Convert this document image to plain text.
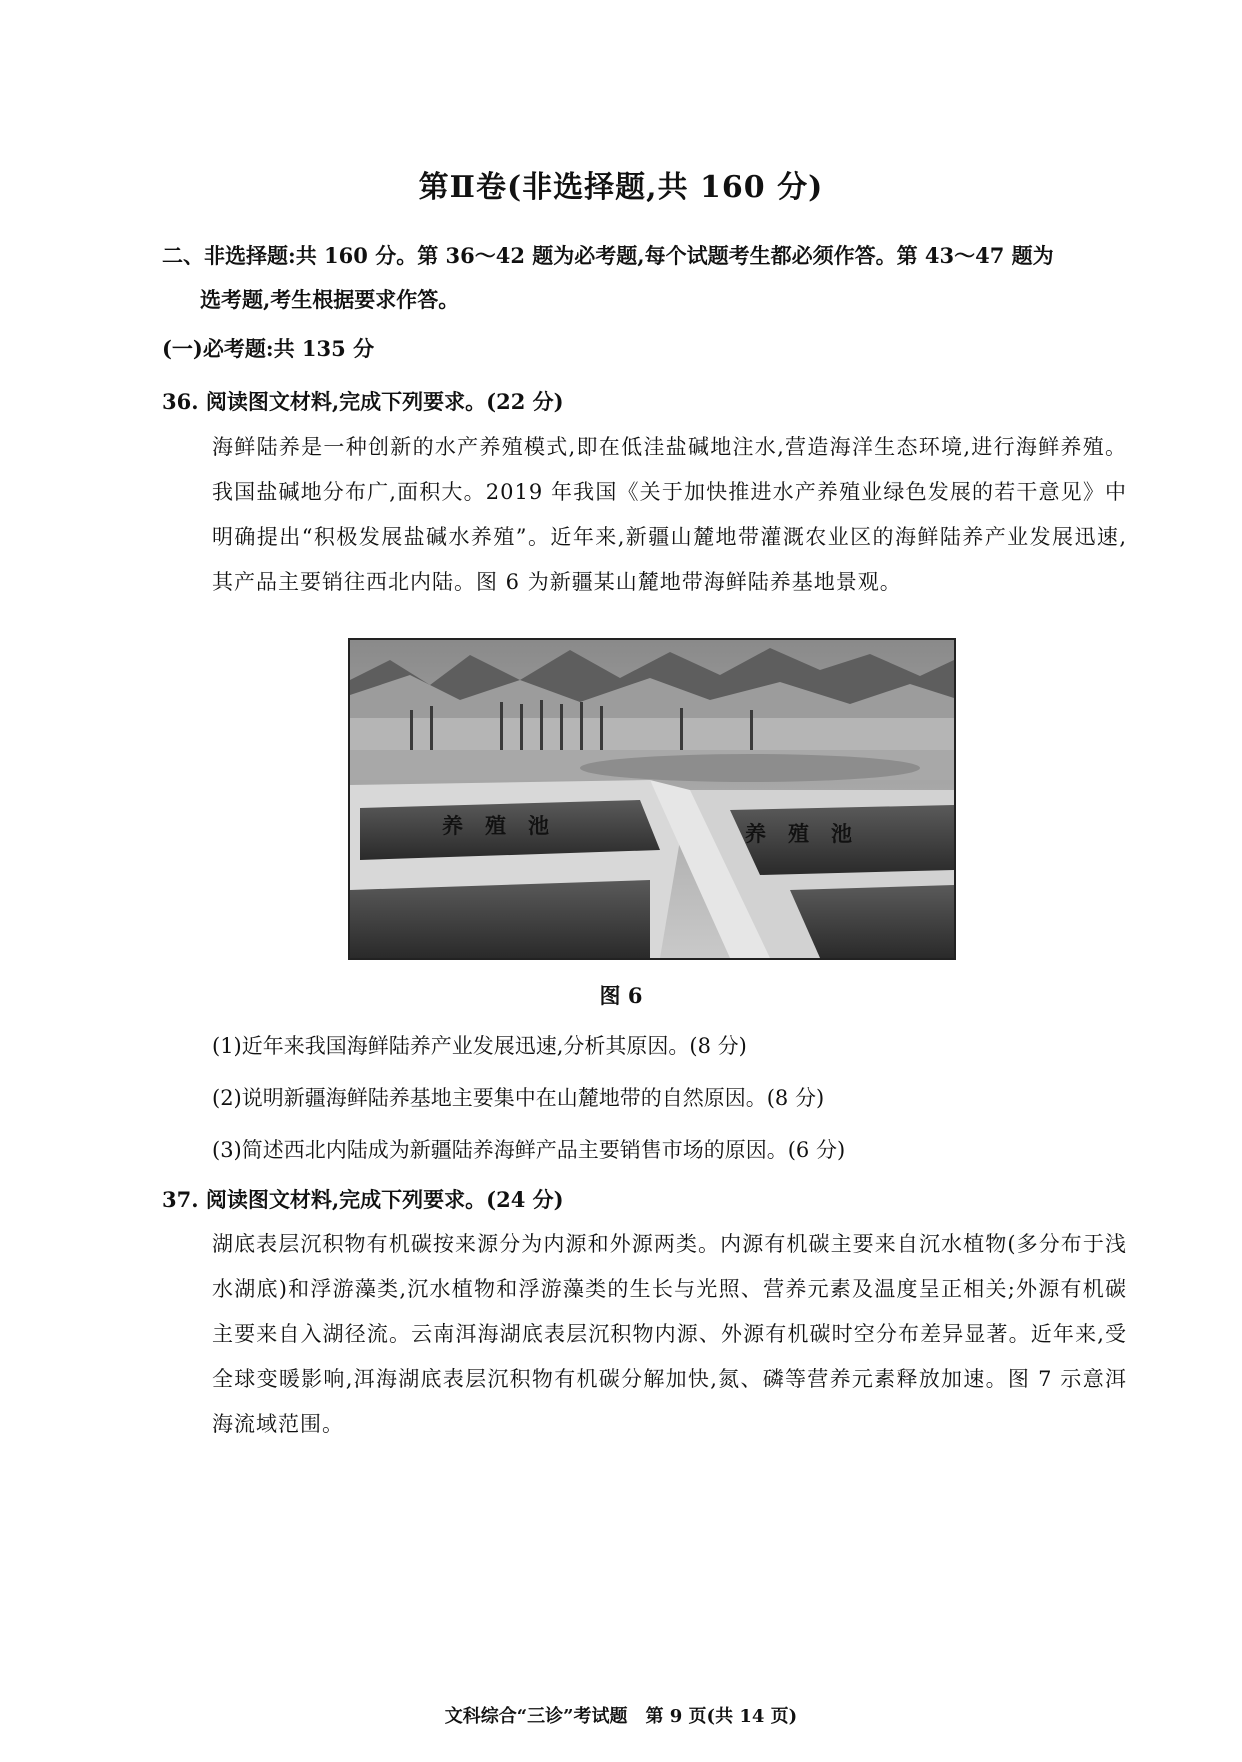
第Ⅱ卷(非选择题,共 160 分)
二、非选择题:共 160 分。第 36～42 题为必考题,每个试题考生都必须作答。第 43～47 题为
选考题,考生根据要求作答。
(一)必考题:共 135 分
36. 阅读图文材料,完成下列要求。(22 分)
海鲜陆养是一种创新的水产养殖模式,即在低洼盐碱地注水,营造海洋生态环境,进行海鲜养殖。我国盐碱地分布广,面积大。2019 年我国《关于加快推进水产养殖业绿色发展的若干意见》中明确提出“积极发展盐碱水养殖”。近年来,新疆山麓地带灌溉农业区的海鲜陆养产业发展迅速,其产品主要销往西北内陆。图 6 为新疆某山麓地带海鲜陆养基地景观。
养殖池	养殖池
图 6
(1)近年来我国海鲜陆养产业发展迅速,分析其原因。(8 分)
(2)说明新疆海鲜陆养基地主要集中在山麓地带的自然原因。(8 分)
(3)简述西北内陆成为新疆陆养海鲜产品主要销售市场的原因。(6 分)
37. 阅读图文材料,完成下列要求。(24 分)
湖底表层沉积物有机碳按来源分为内源和外源两类。内源有机碳主要来自沉水植物(多分布于浅水湖底)和浮游藻类,沉水植物和浮游藻类的生长与光照、营养元素及温度呈正相关;外源有机碳主要来自入湖径流。云南洱海湖底表层沉积物内源、外源有机碳时空分布差异显著。近年来,受全球变暖影响,洱海湖底表层沉积物有机碳分解加快,氮、磷等营养元素释放加速。图 7 示意洱海流域范围。
文科综合“三诊”考试题　第 9 页(共 14 页)
